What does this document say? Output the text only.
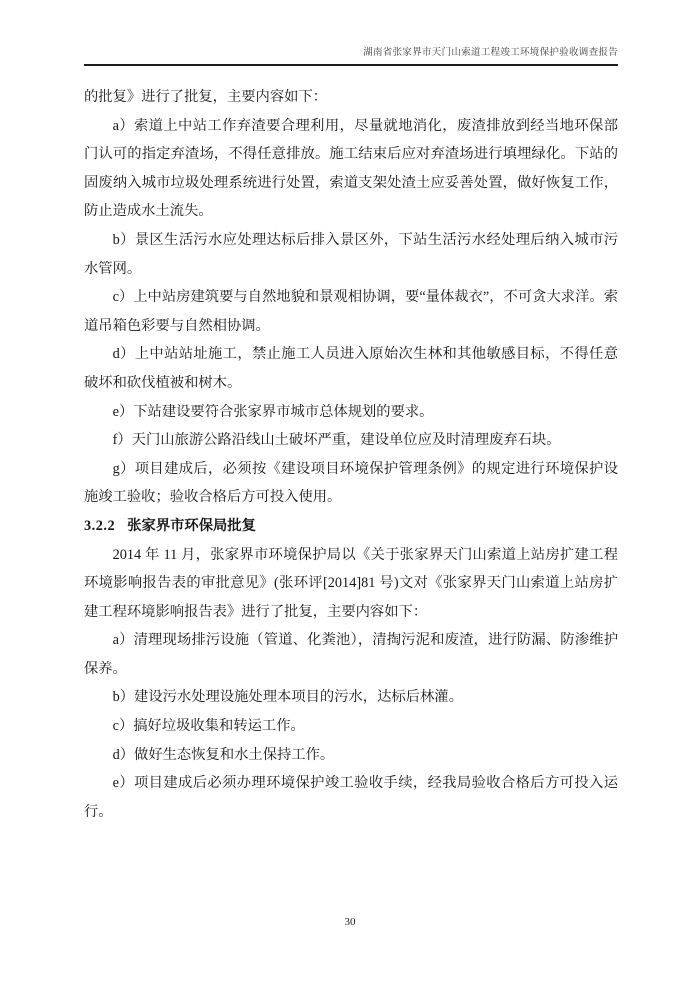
湖南省张家界市天门山索道工程竣工环境保护验收调查报告

的批复》进行了批复，主要内容如下：

a）索道上中站工作弃渣要合理利用，尽量就地消化，废渣排放到经当地环保部门认可的指定弃渣场，不得任意排放。施工结束后应对弃渣场进行填埋绿化。下站的固废纳入城市垃圾处理系统进行处置，索道支架处渣土应妥善处置，做好恢复工作，防止造成水土流失。

b）景区生活污水应处理达标后排入景区外，下站生活污水经处理后纳入城市污水管网。

c）上中站房建筑要与自然地貌和景观相协调，要“量体裁衣”，不可贪大求洋。索道吊箱色彩要与自然相协调。

d）上中站站址施工，禁止施工人员进入原始次生林和其他敏感目标，不得任意破坏和砍伐植被和树木。

e）下站建设要符合张家界市城市总体规划的要求。

f）天门山旅游公路沿线山土破坏严重，建设单位应及时清理废弃石块。

g）项目建成后，必须按《建设项目环境保护管理条例》的规定进行环境保护设施竣工验收；验收合格后方可投入使用。

3.2.2 张家界市环保局批复

2014 年 11 月，张家界市环境保护局以《关于张家界天门山索道上站房扩建工程环境影响报告表的审批意见》(张环评[2014]81 号)文对《张家界天门山索道上站房扩建工程环境影响报告表》进行了批复，主要内容如下：

a）清理现场排污设施（管道、化粪池），清掏污泥和废渣，进行防漏、防渗维护保养。

b）建设污水处理设施处理本项目的污水，达标后林灌。

c）搞好垃圾收集和转运工作。

d）做好生态恢复和水土保持工作。

e）项目建成后必须办理环境保护竣工验收手续，经我局验收合格后方可投入运行。

30
